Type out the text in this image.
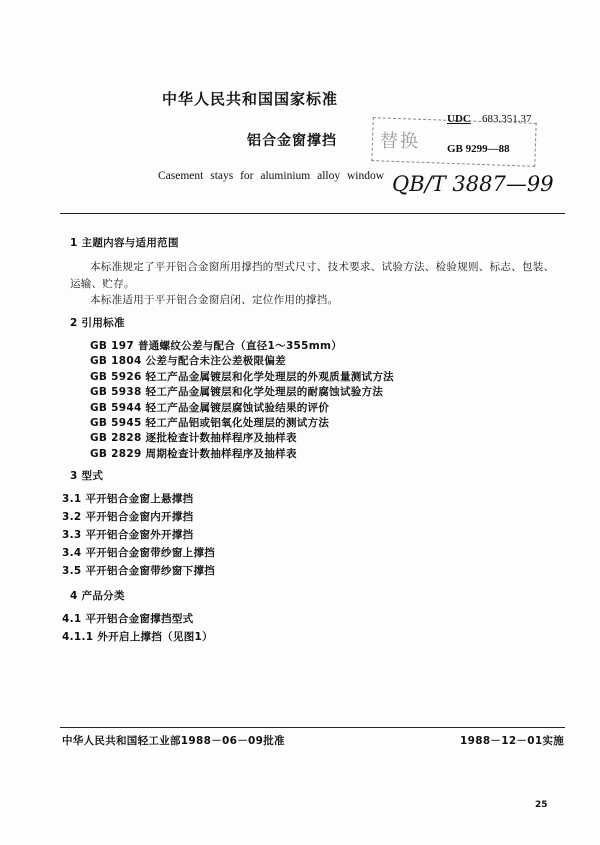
中华人民共和国国家标准
铝合金窗撑挡
Casement stays for aluminium alloy window
替换
UDC 683.351.37
GB 9299—88
QB/T 3887—99
1 主题内容与适用范围
本标准规定了平开铝合金窗所用撑挡的型式尺寸、技术要求、试验方法、检验规则、标志、包装、
运输、贮存。
本标准适用于平开铝合金窗启闭、定位作用的撑挡。
2 引用标准
GB 197 普通螺纹公差与配合（直径1～355mm）
GB 1804 公差与配合未注公差极限偏差
GB 5926 轻工产品金属镀层和化学处理层的外观质量测试方法
GB 5938 轻工产品金属镀层和化学处理层的耐腐蚀试验方法
GB 5944 轻工产品金属镀层腐蚀试验结果的评价
GB 5945 轻工产品铝或铝氧化处理层的测试方法
GB 2828 逐批检查计数抽样程序及抽样表
GB 2829 周期检查计数抽样程序及抽样表
3 型式
3.1 平开铝合金窗上悬撑挡
3.2 平开铝合金窗内开撑挡
3.3 平开铝合金窗外开撑挡
3.4 平开铝合金窗带纱窗上撑挡
3.5 平开铝合金窗带纱窗下撑挡
4 产品分类
4.1 平开铝合金窗撑挡型式
4.1.1 外开启上撑挡（见图1）
中华人民共和国轻工业部1988－06－09批准	1988－12－01实施
25
